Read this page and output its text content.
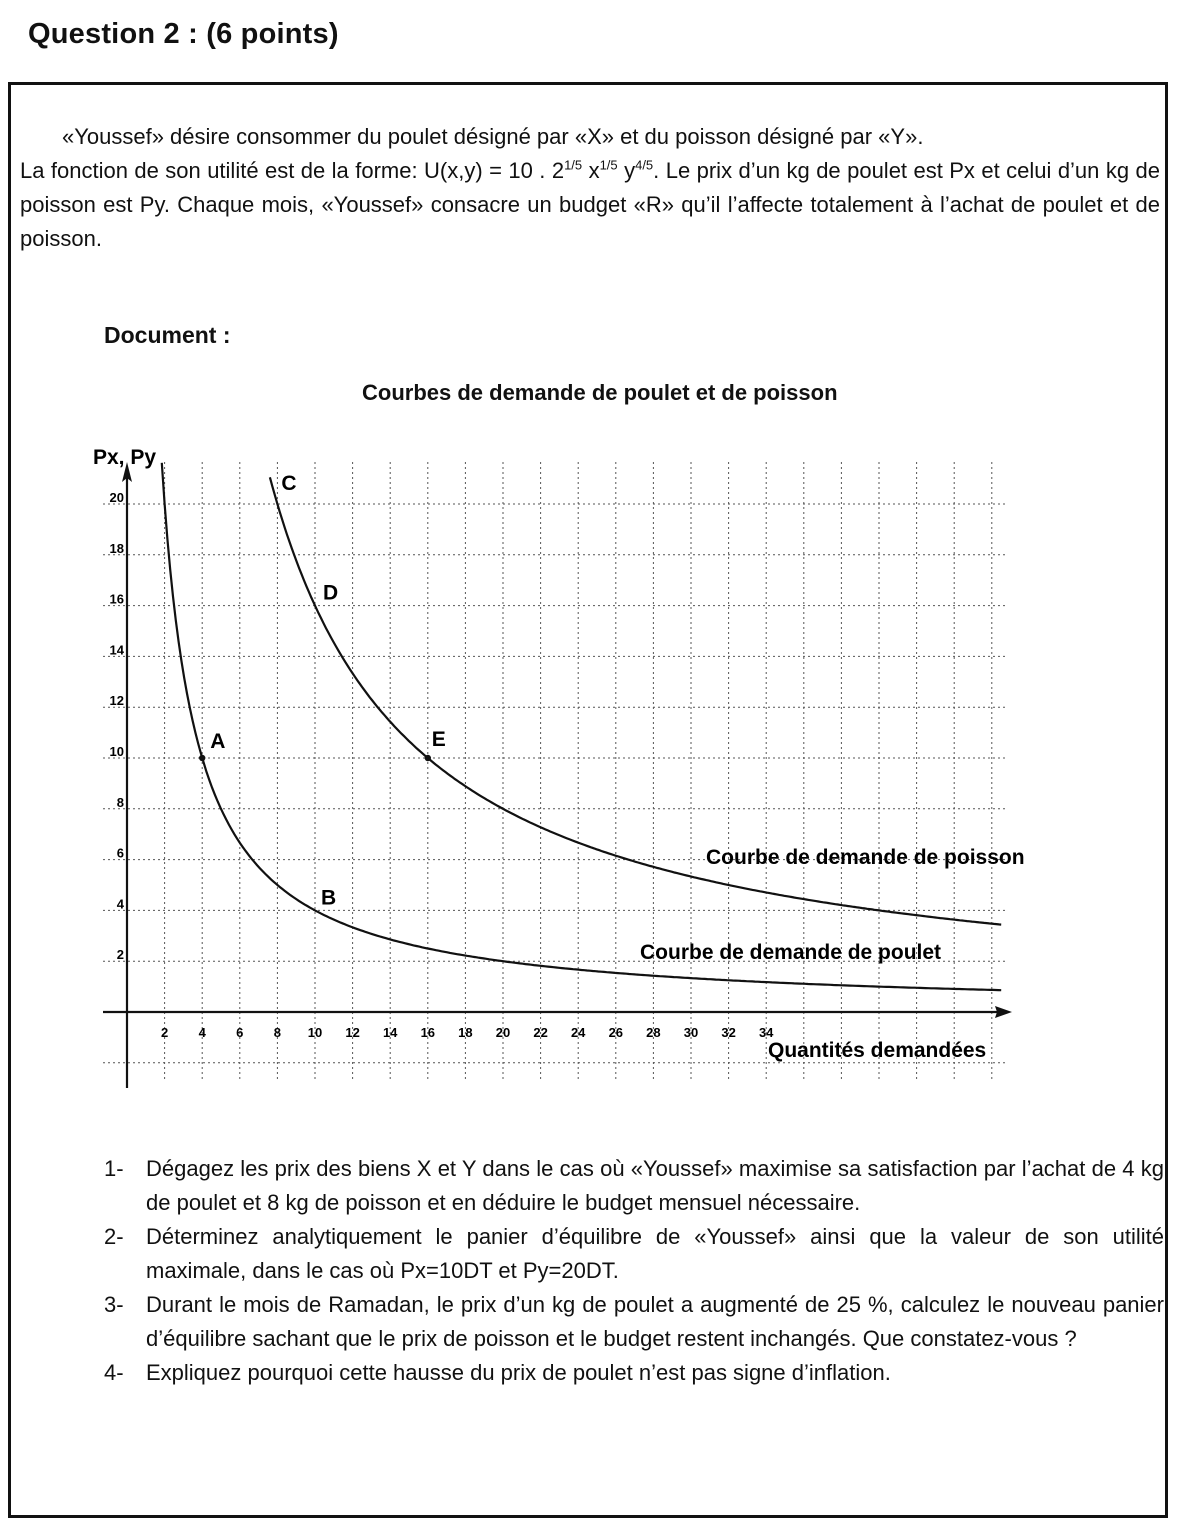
Question 2 : (6 points)

«Youssef» désire consommer du poulet désigné par «X» et du poisson désigné par «Y».

La fonction de son utilité est de la forme: U(x,y) = 10 . $2^{1/5}$ $x^{1/5}$ $y^{4/5}$. Le prix d’un kg de poulet est Px et celui d’un kg de poisson est Py. Chaque mois, «Youssef» consacre un budget «R» qu’il l’affecte totalement à l’achat de poulet et de poisson.

Document :
Courbes de demande de poulet et de poisson
20
18
16
14
12
10
8
6
4
2
2 4 6 8 10 12 14 16 18 20 22 24 26 28 30 32 34
A
B
C
D
E
Px, Py
Quantités demandées
Courbe de demande de poisson
Courbe de demande de poulet
1-	Dégagez les prix des biens X et Y dans le cas où «Youssef» maximise sa satisfaction par l’achat de 4 kg de poulet et 8 kg de poisson et en déduire le budget mensuel nécessaire.
2-	Déterminez analytiquement le panier d’équilibre de «Youssef» ainsi que la valeur de son utilité maximale, dans le cas où Px=10DT et Py=20DT.
3-	Durant le mois de Ramadan, le prix d’un kg de poulet a augmenté de 25 %, calculez le nouveau panier d’équilibre sachant que le prix de poisson et le budget restent inchangés. Que constatez-vous ?
4-	Expliquez pourquoi cette hausse du prix de poulet n’est pas signe d’inflation.
